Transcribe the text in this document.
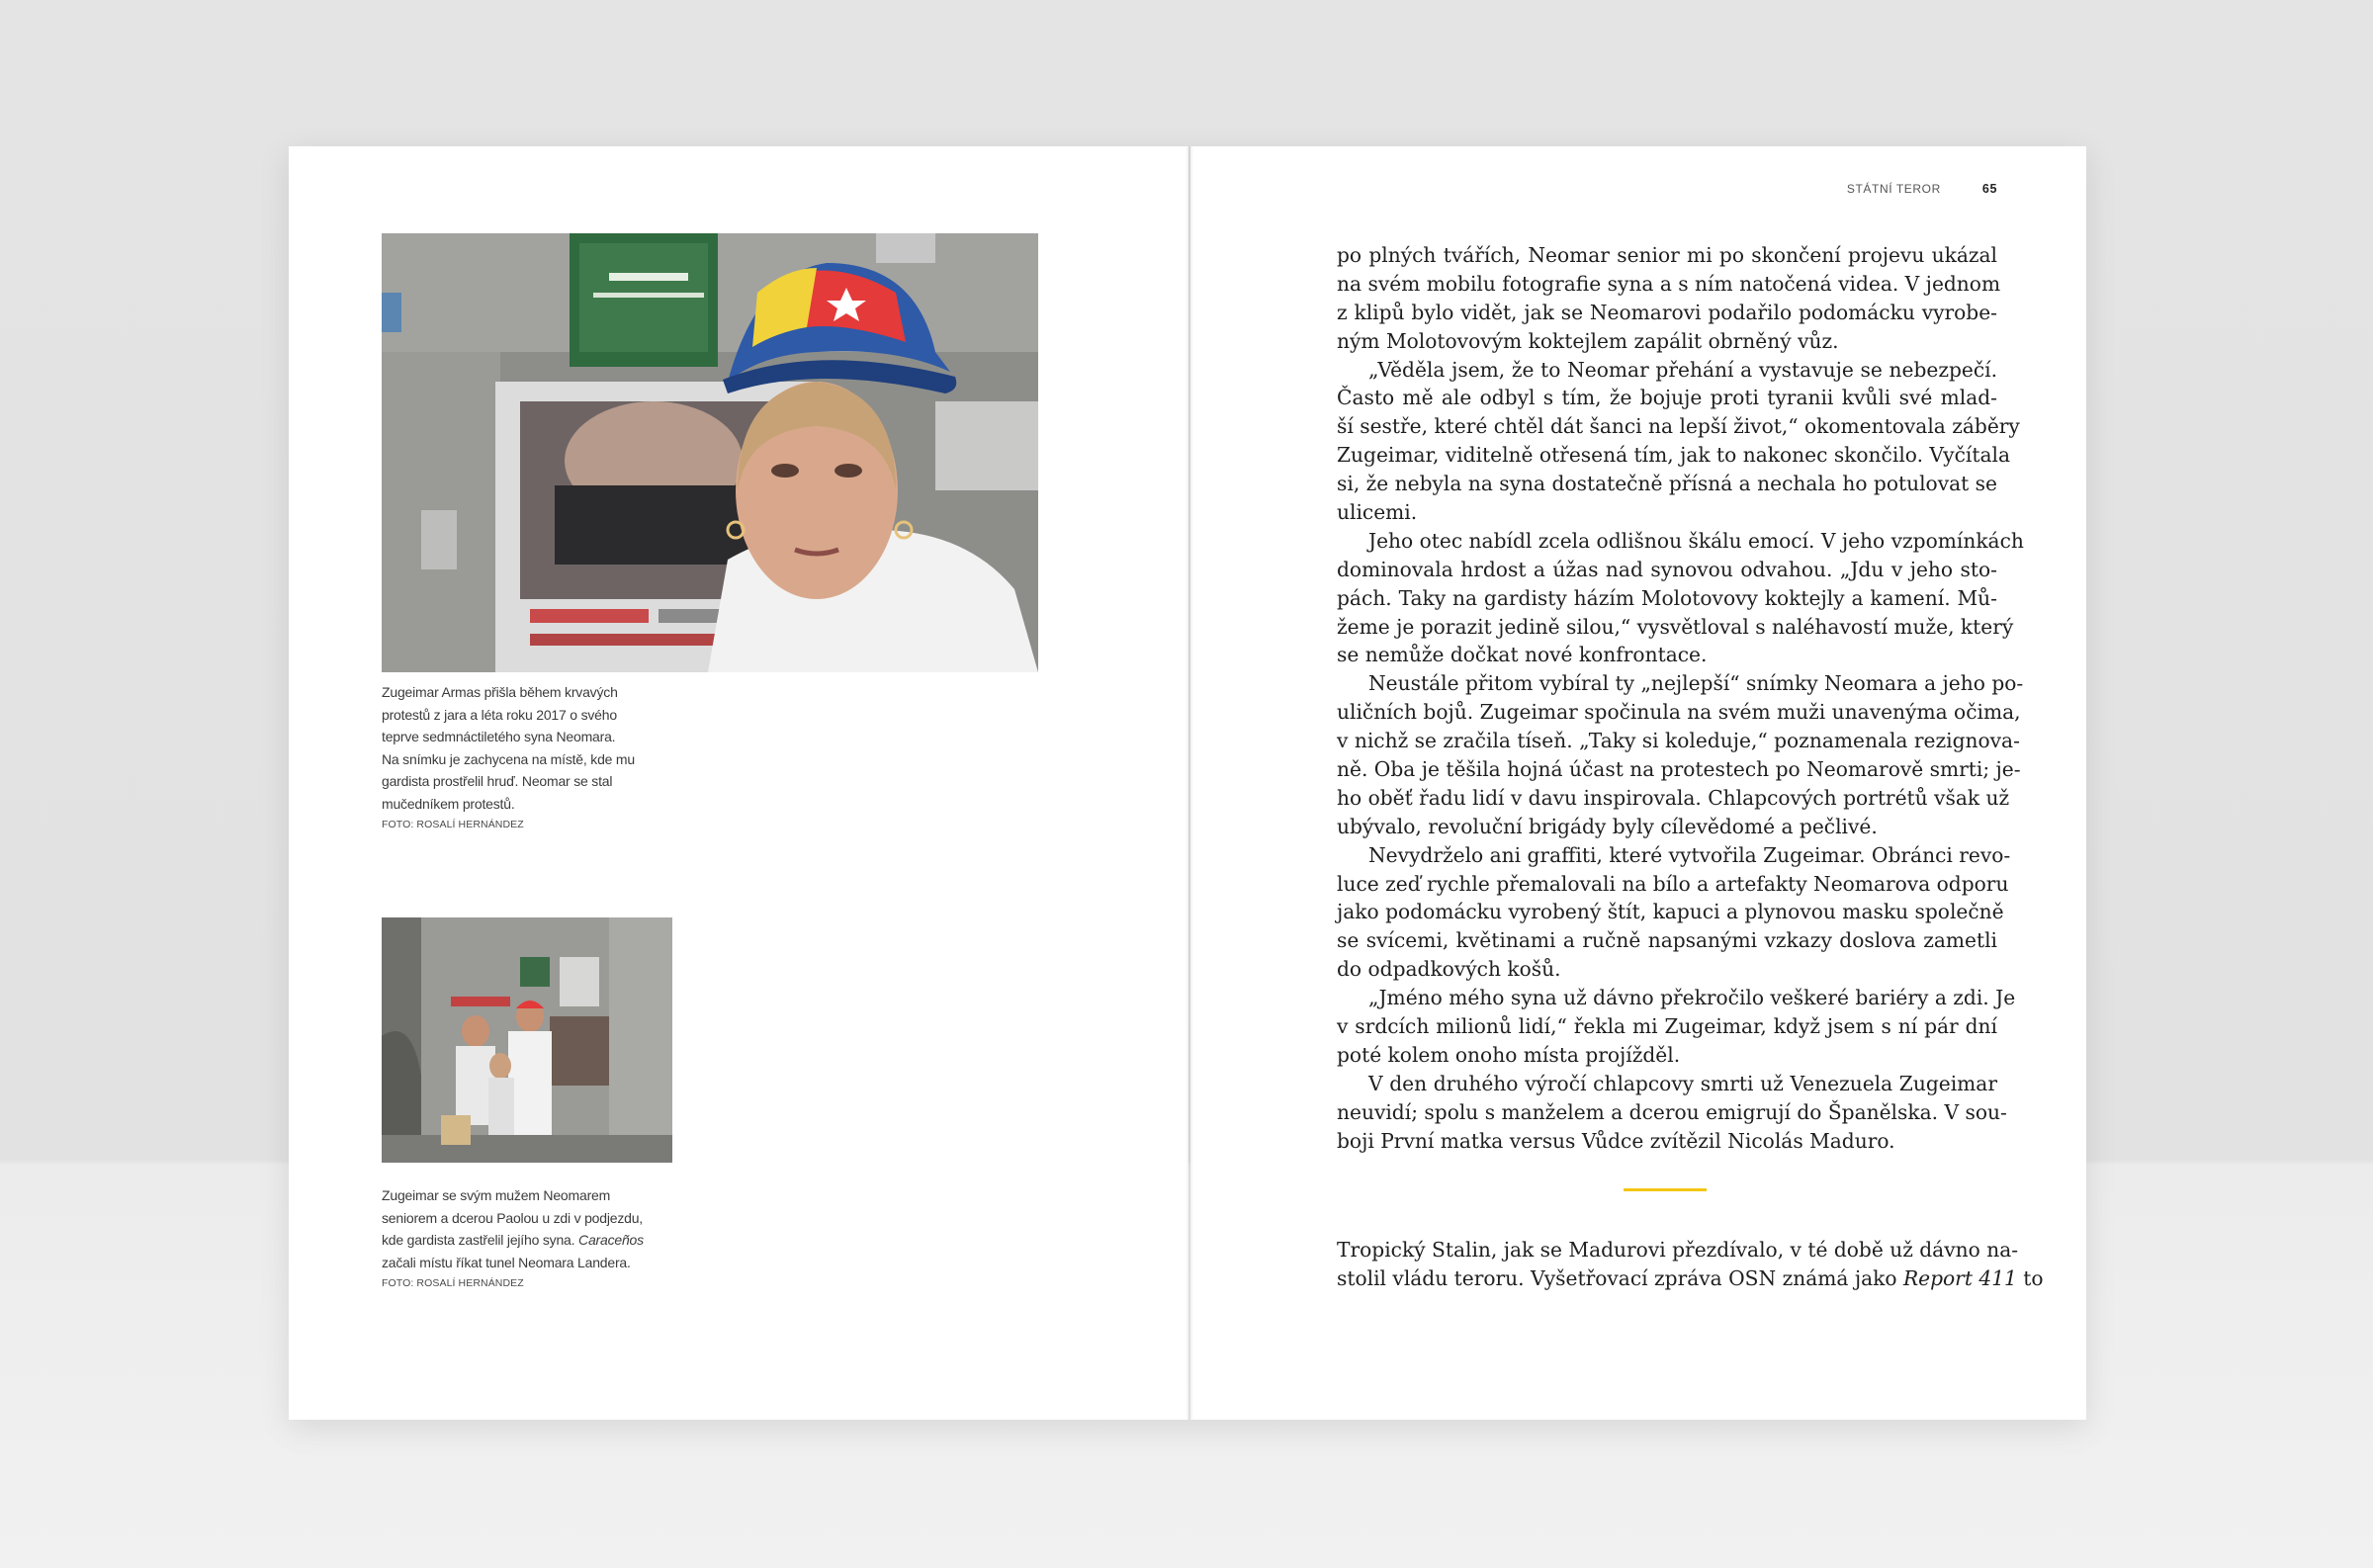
Zugeimar Armas přišla během krvavých

protestů z jara a léta roku 2017 o svého

teprve sedmnáctiletého syna Neomara.

Na snímku je zachycena na místě, kde mu

gardista prostřelil hruď. Neomar se stal

mučedníkem protestů.

FOTO: ROSALÍ HERNÁNDEZ

Zugeimar se svým mužem Neomarem

seniorem a dcerou Paolou u zdi v podjezdu,

kde gardista zastřelil jejího syna. Caraceños

začali místu říkat tunel Neomara Landera.

FOTO: ROSALÍ HERNÁNDEZ

STÁTNÍ TEROR	65
po plných tvářích, Neomar senior mi po skončení projevu ukázal
na svém mobilu fotografie syna a s ním natočená videa. V jednom
z klipů bylo vidět, jak se Neomarovi podařilo podomácku vyrobe-
ným Molotovovým koktejlem zapálit obrněný vůz.
„Věděla jsem, že to Neomar přehání a vystavuje se nebezpečí.
Často mě ale odbyl s tím, že bojuje proti tyranii kvůli své mlad-
ší sestře, které chtěl dát šanci na lepší život,“ okomentovala záběry
Zugeimar, viditelně otřesená tím, jak to nakonec skončilo. Vyčítala
si, že nebyla na syna dostatečně přísná a nechala ho potulovat se
ulicemi.
Jeho otec nabídl zcela odlišnou škálu emocí. V jeho vzpomínkách
dominovala hrdost a úžas nad synovou odvahou. „Jdu v jeho sto-
pách. Taky na gardisty házím Molotovovy koktejly a kamení. Mů-
žeme je porazit jedině silou,“ vysvětloval s naléhavostí muže, který
se nemůže dočkat nové konfrontace.
Neustále přitom vybíral ty „nejlepší“ snímky Neomara a jeho po-
uličních bojů. Zugeimar spočinula na svém muži unavenýma očima,
v nichž se zračila tíseň. „Taky si koleduje,“ poznamenala rezignova-
ně. Oba je těšila hojná účast na protestech po Neomarově smrti; je-
ho oběť řadu lidí v davu inspirovala. Chlapcových portrétů však už
ubývalo, revoluční brigády byly cílevědomé a pečlivé.
Nevydrželo ani graffiti, které vytvořila Zugeimar. Obránci revo-
luce zeď rychle přemalovali na bílo a artefakty Neomarova odporu
jako podomácku vyrobený štít, kapuci a plynovou masku společně
se svícemi, květinami a ručně napsanými vzkazy doslova zametli
do odpadkových košů.
„Jméno mého syna už dávno překročilo veškeré bariéry a zdi. Je
v srdcích milionů lidí,“ řekla mi Zugeimar, když jsem s ní pár dní
poté kolem onoho místa projížděl.
V den druhého výročí chlapcovy smrti už Venezuela Zugeimar
neuvidí; spolu s manželem a dcerou emigrují do Španělska. V sou-
boji První matka versus Vůdce zvítězil Nicolás Maduro.
Tropický Stalin, jak se Madurovi přezdívalo, v té době už dávno na-
stolil vládu teroru. Vyšetřovací zpráva OSN známá jako Report 411 to
